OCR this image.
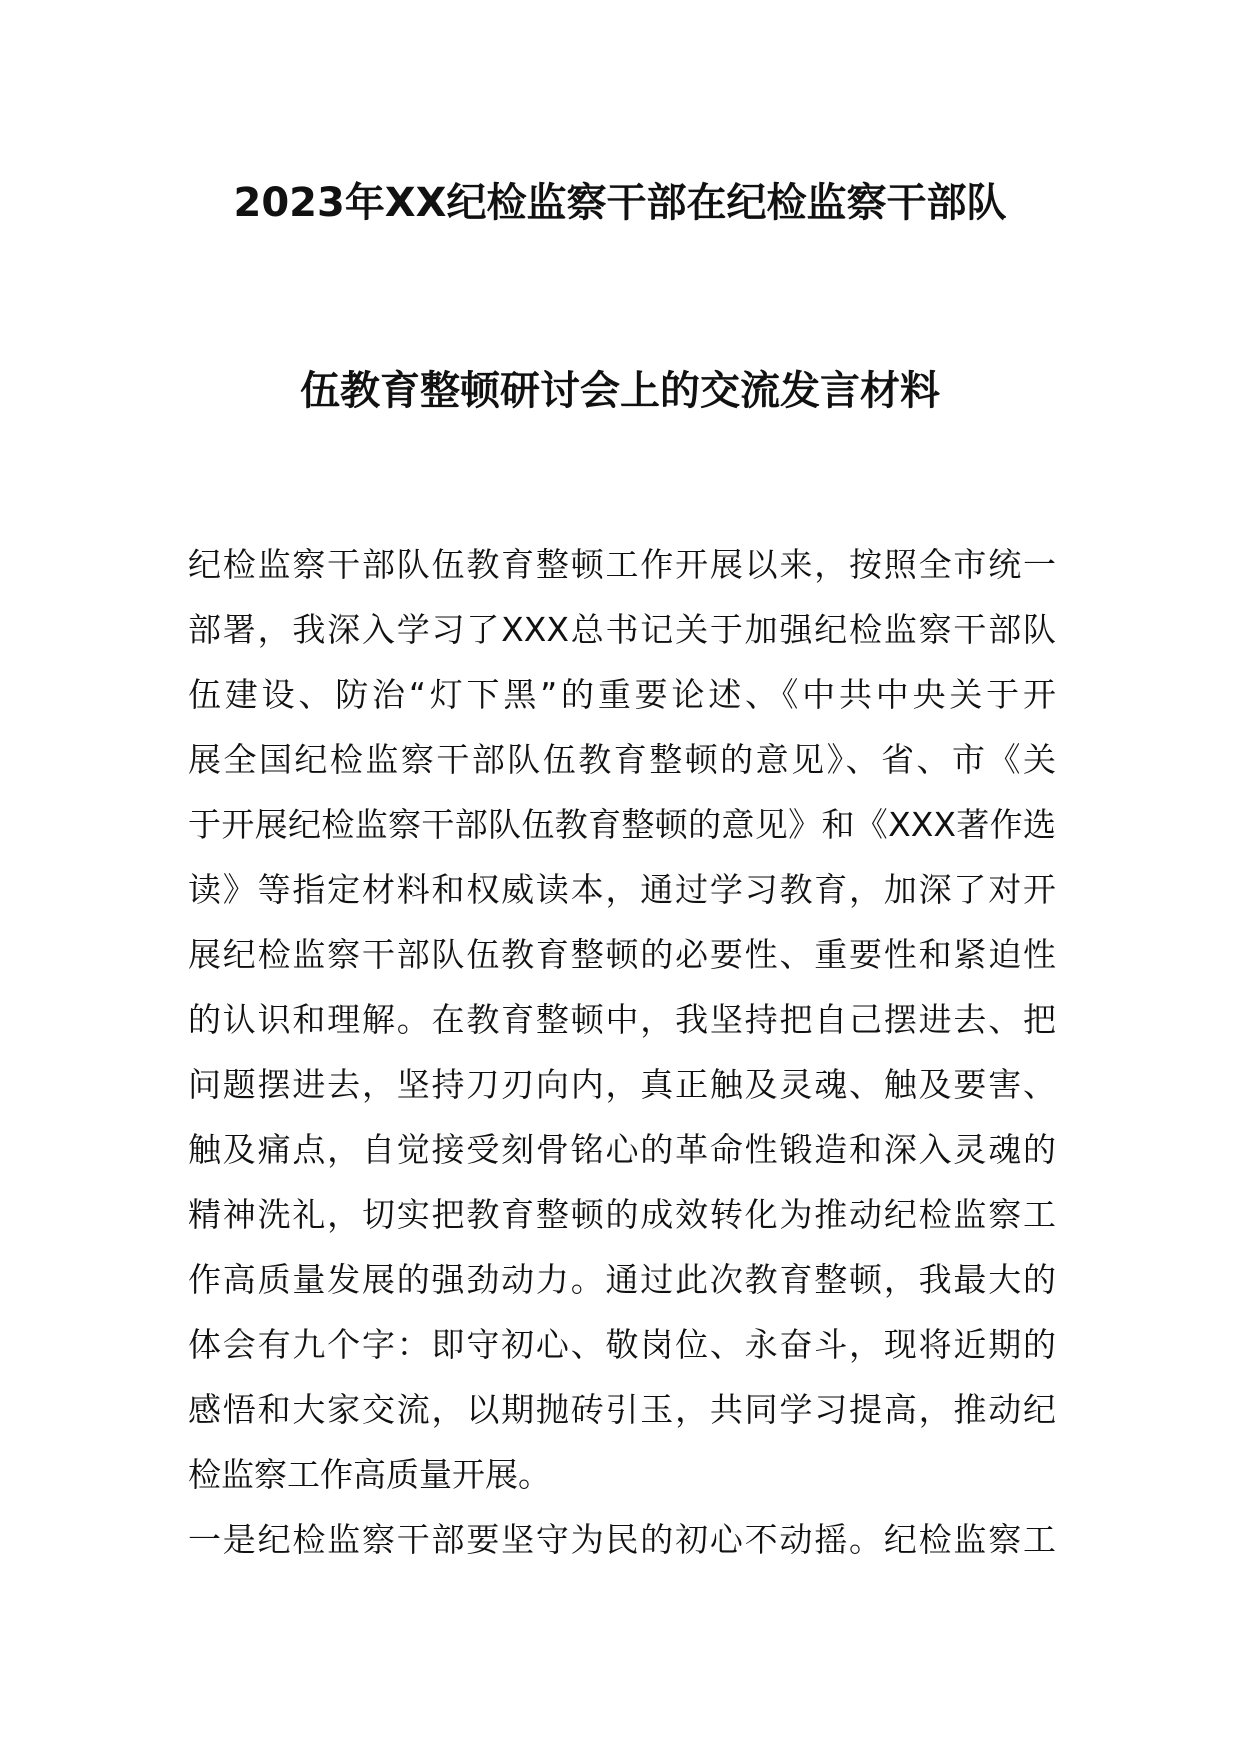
2023年XX纪检监察干部在纪检监察干部队
伍教育整顿研讨会上的交流发言材料
纪检监察干部队伍教育整顿工作开展以来，按照全市统一
部署，我深入学习了XXX总书记关于加强纪检监察干部队
伍建设、防治“灯下黑”的重要论述、《中共中央关于开
展全国纪检监察干部队伍教育整顿的意见》、省、市《关
于开展纪检监察干部队伍教育整顿的意见》和《XXX著作选
读》等指定材料和权威读本，通过学习教育，加深了对开
展纪检监察干部队伍教育整顿的必要性、重要性和紧迫性
的认识和理解。在教育整顿中，我坚持把自己摆进去、把
问题摆进去，坚持刀刃向内，真正触及灵魂、触及要害、
触及痛点，自觉接受刻骨铭心的革命性锻造和深入灵魂的
精神洗礼，切实把教育整顿的成效转化为推动纪检监察工
作高质量发展的强劲动力。通过此次教育整顿，我最大的
体会有九个字：即守初心、敬岗位、永奋斗，现将近期的
感悟和大家交流，以期抛砖引玉，共同学习提高，推动纪
检监察工作高质量开展。
一是纪检监察干部要坚守为民的初心不动摇。纪检监察工
